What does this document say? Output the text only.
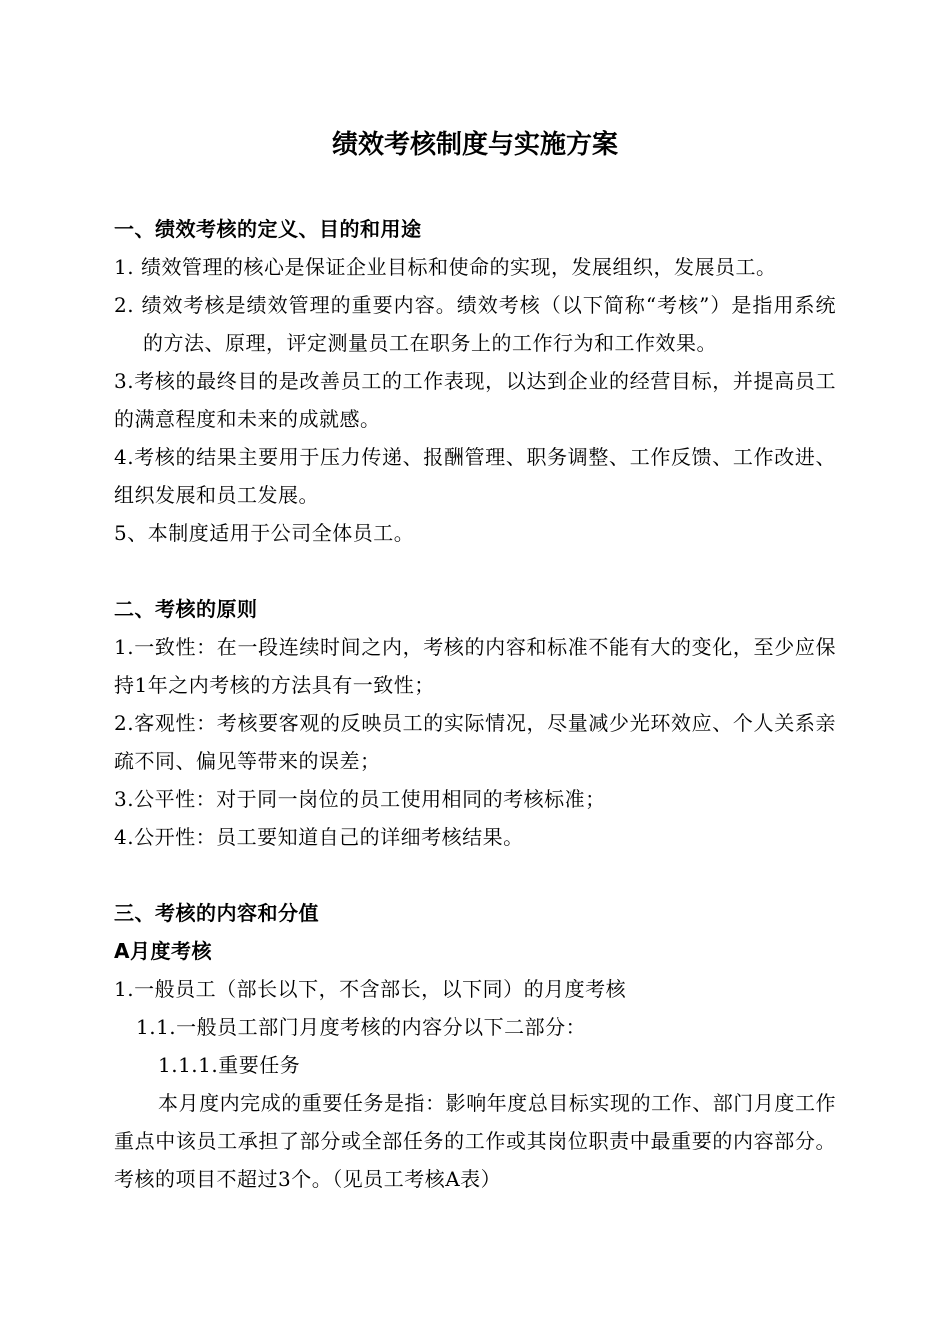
绩效考核制度与实施方案

一、绩效考核的定义、目的和用途

1. 绩效管理的核心是保证企业目标和使命的实现，发展组织，发展员工。

2. 绩效考核是绩效管理的重要内容。绩效考核（以下简称“考核”）是指用系统的方法、原理，评定测量员工在职务上的工作行为和工作效果。

3.考核的最终目的是改善员工的工作表现，以达到企业的经营目标，并提高员工的满意程度和未来的成就感。

4.考核的结果主要用于压力传递、报酬管理、职务调整、工作反馈、工作改进、组织发展和员工发展。

5、本制度适用于公司全体员工。

二、考核的原则

1.一致性：在一段连续时间之内，考核的内容和标准不能有大的变化，至少应保持1年之内考核的方法具有一致性；

2.客观性：考核要客观的反映员工的实际情况，尽量减少光环效应、个人关系亲疏不同、偏见等带来的误差；

3.公平性：对于同一岗位的员工使用相同的考核标准；

4.公开性：员工要知道自己的详细考核结果。

三、考核的内容和分值

A月度考核

1.一般员工（部长以下，不含部长，以下同）的月度考核

1.1.一般员工部门月度考核的内容分以下二部分：

1.1.1.重要任务

本月度内完成的重要任务是指：影响年度总目标实现的工作、部门月度工作重点中该员工承担了部分或全部任务的工作或其岗位职责中最重要的内容部分。考核的项目不超过3个。（见员工考核A表）
